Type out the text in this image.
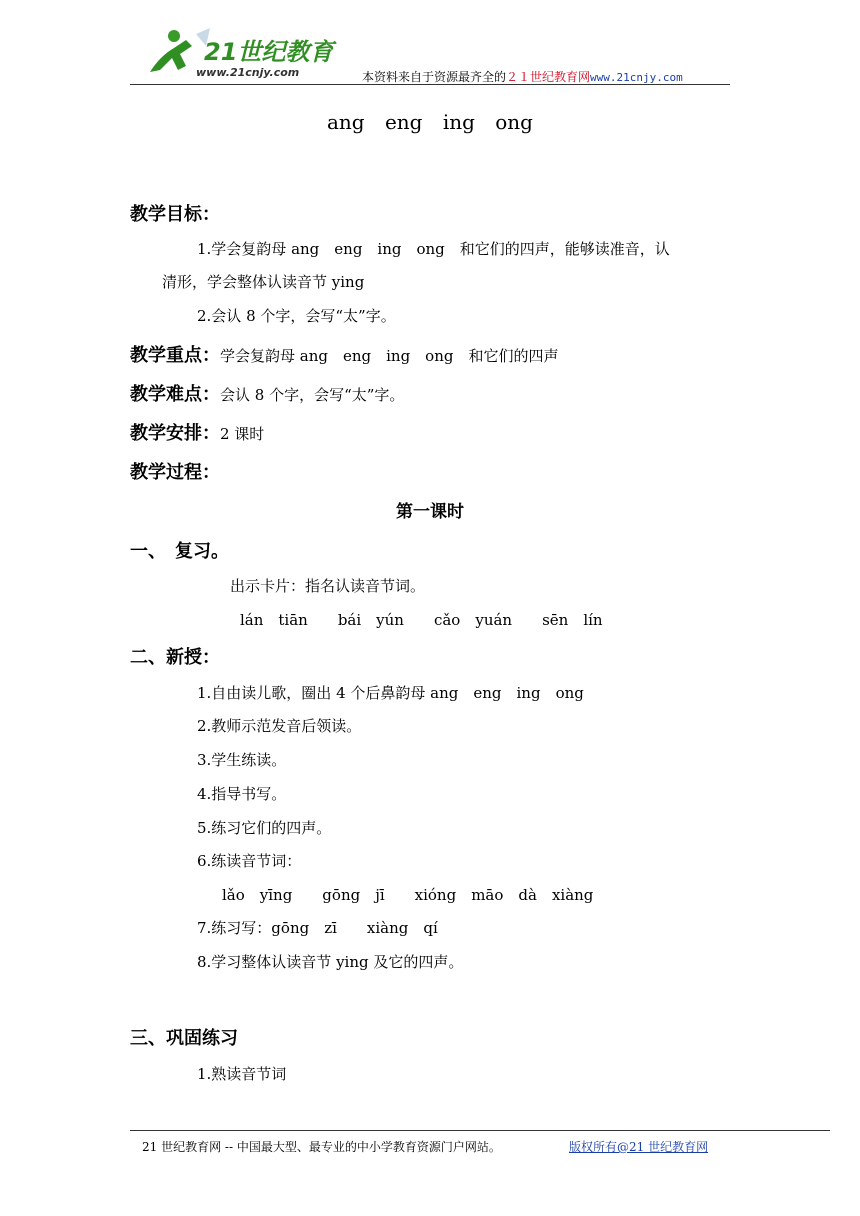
21世纪教育
www.21cnjy.com	本资料来自于资源最齐全的２１世纪教育网www.21cnjy.com
ang eng ing ong
教学目标：
1.学会复韵母 ang　eng　ing　ong　和它们的四声，能够读准音，认
清形，学会整体认读音节 ying
2.会认 8 个字，会写“太”字。
教学重点：学会复韵母 ang　eng　ing　ong　和它们的四声
教学难点：会认 8 个字，会写“太”字。
教学安排：2 课时
教学过程：
第一课时
一、　复习。
出示卡片：指名认读音节词。
lán　tiān　　bái　yún　　cǎo　yuán　　sēn　lín
二、新授：
1.自由读儿歌，圈出 4 个后鼻韵母 ang　eng　ing　ong
2.教师示范发音后领读。
3.学生练读。
4.指导书写。
5.练习它们的四声。
6.练读音节词：
lǎo　yīng　　gōng　jī　　xióng　māo　dà　xiàng
7.练习写：gōng　zī　　xiàng　qí
8.学习整体认读音节 ying 及它的四声。
三、巩固练习
1.熟读音节词
21 世纪教育网 -- 中国最大型、最专业的中小学教育资源门户网站。	版权所有@21 世纪教育网
